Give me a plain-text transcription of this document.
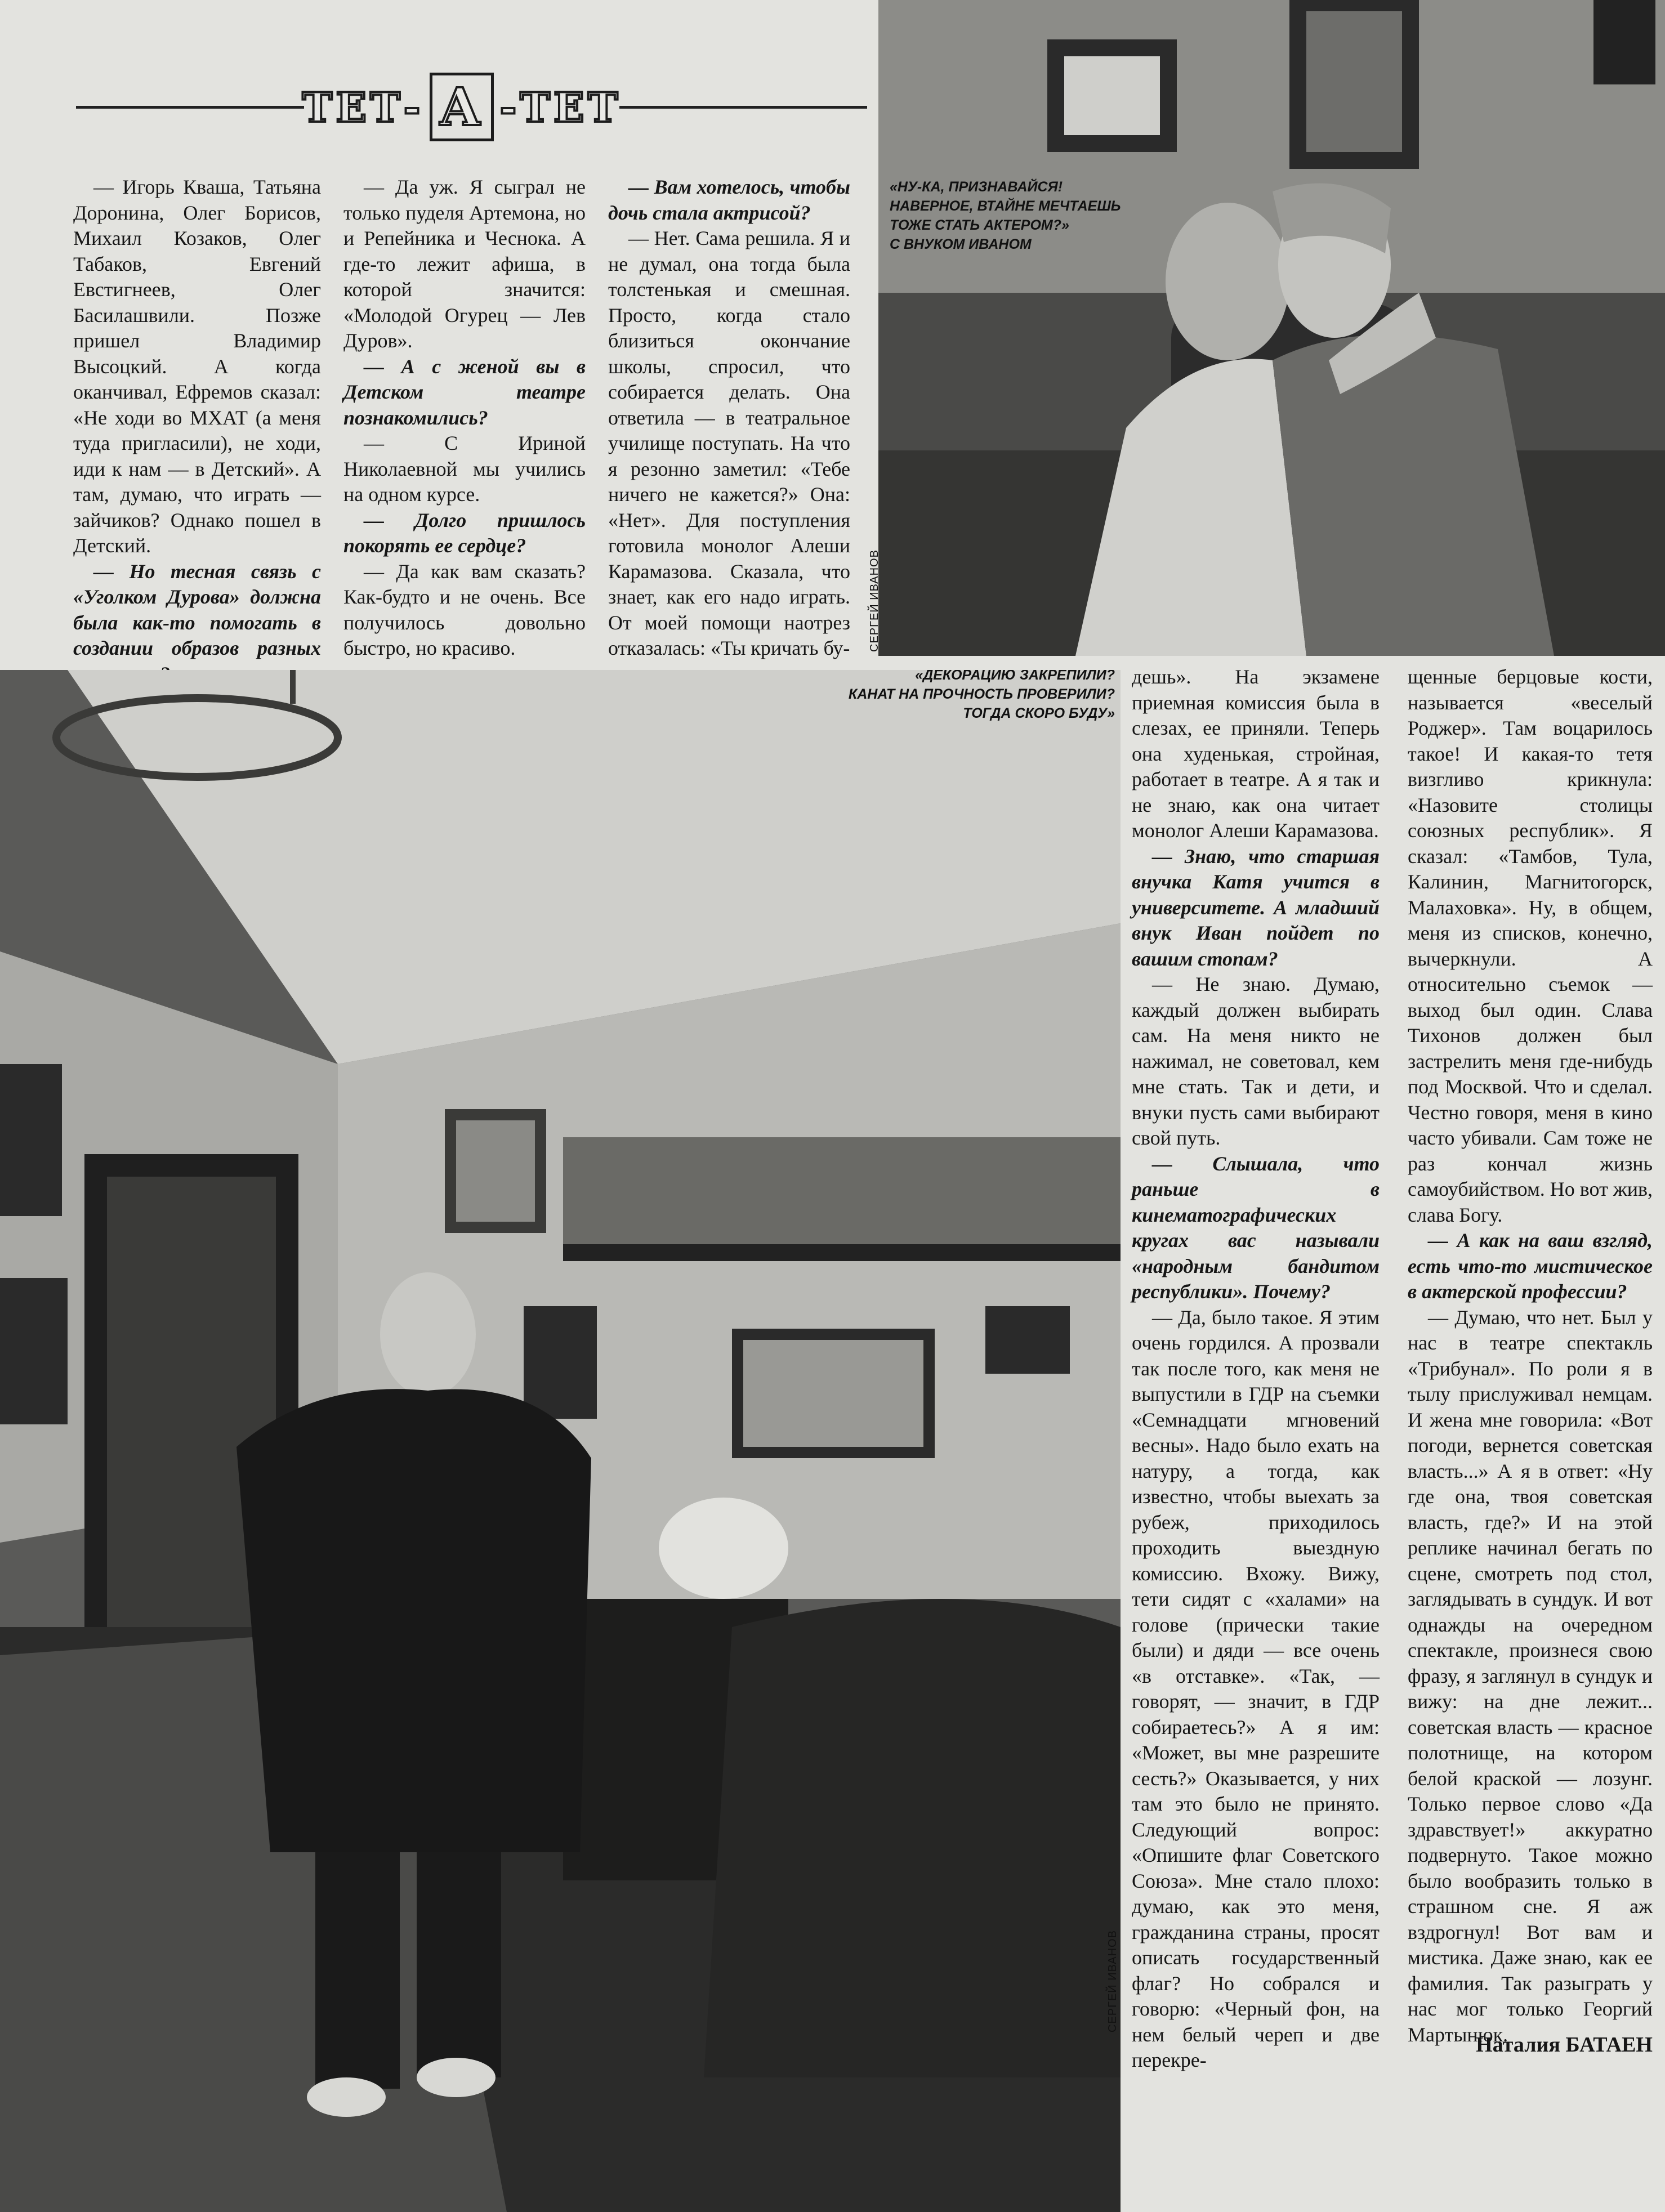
ТЕТ- А -ТЕТ

— Игорь Кваша, Татьяна Доронина, Олег Борисов, Михаил Козаков, Олег Табаков, Евгений Евстигнеев, Олег Басилашвили. Позже пришел Владимир Высоцкий. А когда оканчивал, Ефремов сказал: «Не ходи во МХАТ (а меня туда пригласили), не ходи, иди к нам — в Детский». А там, думаю, что играть — зайчиков? Однако пошел в Детский.

— Но тесная связь с «Уголком Дурова» должна была как-то помогать в создании образов разных

— Да уж. Я сыграл не только пуделя Артемона, но и Репейника и Чеснока. А где-то лежит афиша, в которой значится: «Молодой Огурец — Лев Дуров».

— А с женой вы в Детском театре познакомились?

— С Ириной Николаевной мы учились на одном курсе.

— Долго пришлось покорять ее сердце?

— Да как вам сказать? Как-будто и не очень. Все получилось довольно быстро, но красиво.

— Вам хотелось, чтобы дочь стала актрисой?

— Нет. Сама решила. Я и не думал, она тогда была толстенькая и смешная. Просто, когда стало близиться окончание школы, спросил, что собирается делать. Она ответила — в театральное училище поступать. На что я резонно заметил: «Тебе ничего не кажется?» Она: «Нет». Для поступления готовила монолог Алеши Карамазова. Сказала, что знает, как его надо играть. От моей помощи наотрез отказалась: «Ты кричать бу-

«НУ-КА, ПРИЗНАВАЙСЯ!
НАВЕРНОЕ, ВТАЙНЕ МЕЧТАЕШЬ
ТОЖЕ СТАТЬ АКТЕРОМ?»
С ВНУКОМ ИВАНОМ
СЕРГЕЙ ИВАНОВ
«ДЕКОРАЦИЮ ЗАКРЕПИЛИ?
КАНАТ НА ПРОЧНОСТЬ ПРОВЕРИЛИ?
ТОГДА СКОРО БУДУ»
СЕРГЕЙ ИВАНОВ

дешь». На экзамене приемная комиссия была в слезах, ее приняли. Теперь она худенькая, стройная, работает в театре. А я так и не знаю, как она читает монолог Алеши Карамазова.

— Знаю, что старшая внучка Катя учится в университете. А младший внук Иван пойдет по вашим стопам?

— Не знаю. Думаю, каждый должен выбирать сам. На меня никто не нажимал, не советовал, кем мне стать. Так и дети, и внуки пусть сами выбирают свой путь.

— Слышала, что раньше в кинематографических кругах вас называли «народным бандитом республики». Почему?

— Да, было такое. Я этим очень гордился. А прозвали так после того, как меня не выпустили в ГДР на съемки «Семнадцати мгновений весны». Надо было ехать на натуру, а тогда, как известно, чтобы выехать за рубеж, приходилось проходить выездную комиссию. Вхожу. Вижу, тети сидят с «халами» на голове (прически такие были) и дяди — все очень «в отставке». «Так, — говорят, — значит, в ГДР собираетесь?» А я им: «Может, вы мне разрешите сесть?» Оказывается, у них там это было не принято. Следующий вопрос: «Опишите флаг Советского Союза». Мне стало плохо: думаю, как это меня, гражданина страны, просят описать государственный флаг? Но собрался и говорю: «Черный фон, на нем белый череп и две перекре-

щенные берцовые кости, называется «веселый Роджер». Там воцарилось такое! И какая-то тетя визгливо крикнула: «Назовите столицы союзных республик». Я сказал: «Тамбов, Тула, Калинин, Магнитогорск, Малаховка». Ну, в общем, меня из списков, конечно, вычеркнули. А относительно съемок — выход был один. Слава Тихонов должен был застрелить меня где-нибудь под Москвой. Что и сделал. Честно говоря, меня в кино часто убивали. Сам тоже не раз кончал жизнь самоубийством. Но вот жив, слава Богу.

— А как на ваш взгляд, есть что-то мистическое в актерской профессии?

— Думаю, что нет. Был у нас в театре спектакль «Трибунал». По роли я в тылу прислуживал немцам. И жена мне говорила: «Вот погоди, вернется советская власть...» А я в ответ: «Ну где она, твоя советская власть, где?» И на этой реплике начинал бегать по сцене, смотреть под стол, заглядывать в сундук. И вот однажды на очередном спектакле, произнеся свою фразу, я заглянул в сундук и вижу: на дне лежит... советская власть — красное полотнище, на котором белой краской — лозунг. Только первое слово «Да здравствует!» аккуратно подвернуто. Такое можно было вообразить только в страшном сне. Я аж вздрогнул! Вот вам и мистика. Даже знаю, как ее фамилия. Так разыграть у нас мог только Георгий Мартынюк.

Наталия БАТАЕН
